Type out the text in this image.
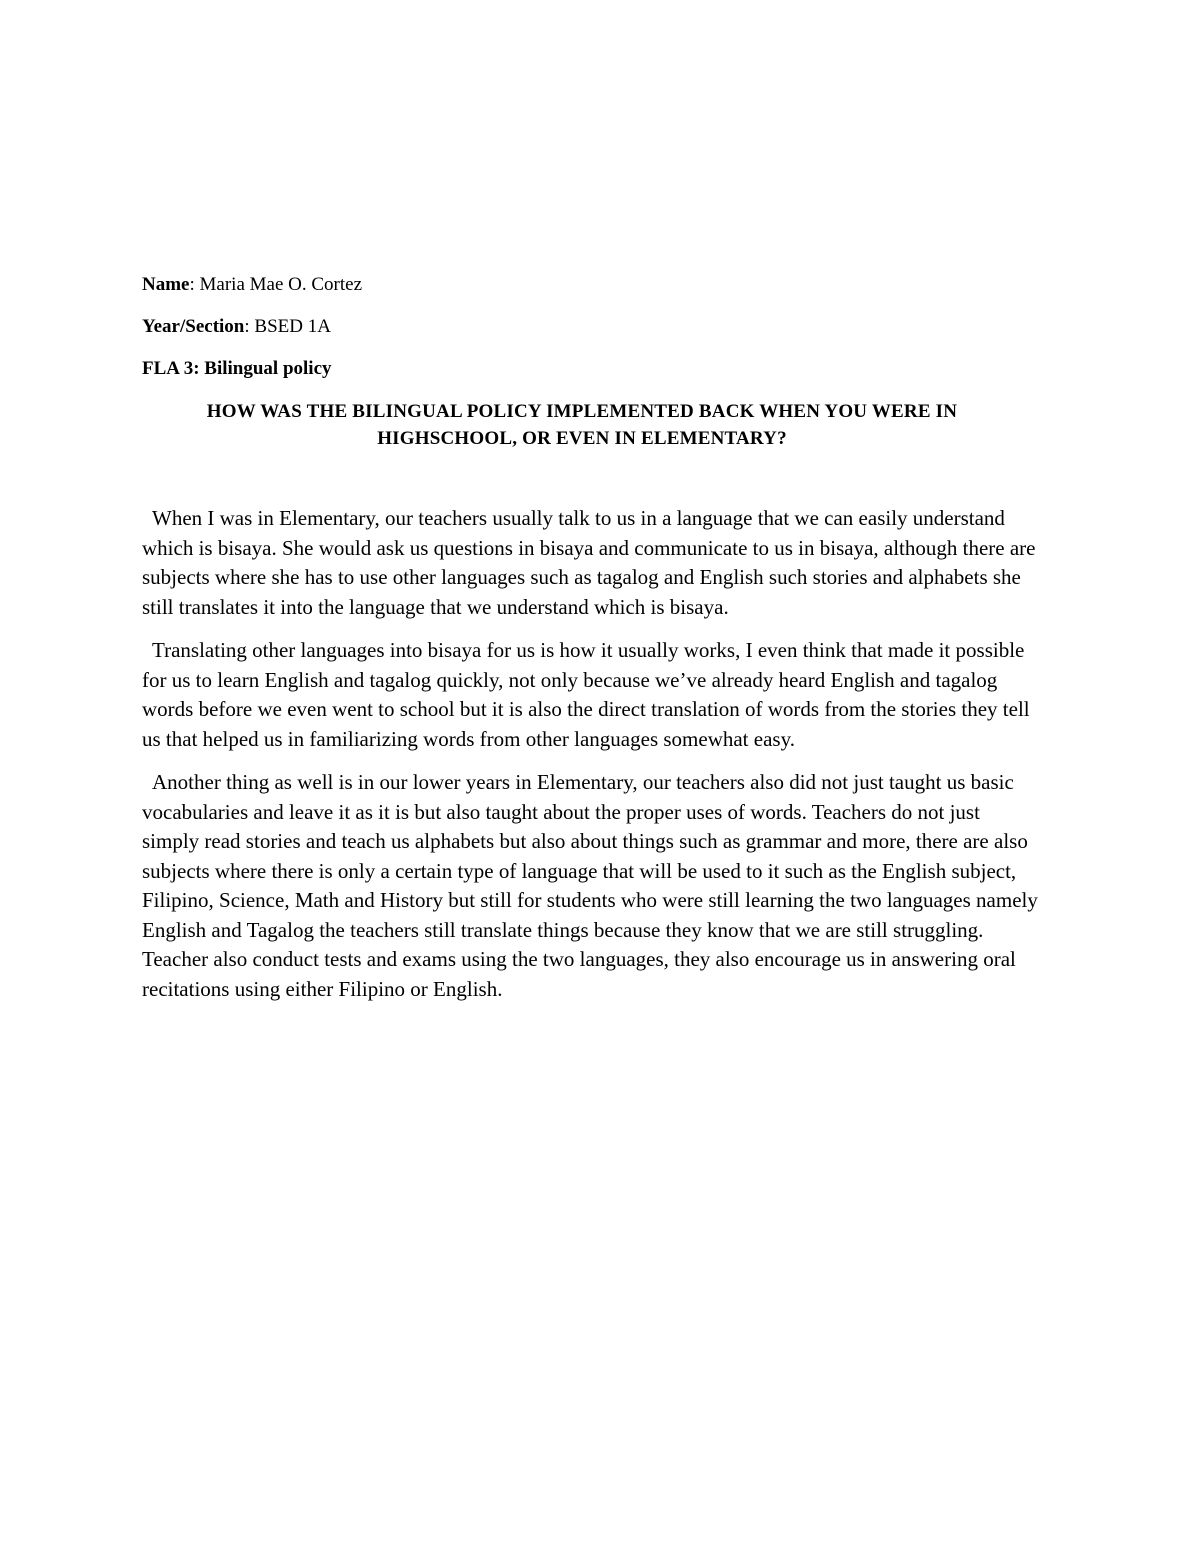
Name: Maria Mae O. Cortez

Year/Section: BSED 1A

FLA 3: Bilingual policy

HOW WAS THE BILINGUAL POLICY IMPLEMENTED BACK WHEN YOU WERE IN HIGHSCHOOL, OR EVEN IN ELEMENTARY?

When I was in Elementary, our teachers usually talk to us in a language that we can easily understand which is bisaya. She would ask us questions in bisaya and communicate to us in bisaya, although there are subjects where she has to use other languages such as tagalog and English such stories and alphabets she still translates it into the language that we understand which is bisaya.

Translating other languages into bisaya for us is how it usually works, I even think that made it possible for us to learn English and tagalog quickly, not only because we’ve already heard English and tagalog words before we even went to school but it is also the direct translation of words from the stories they tell us that helped us in familiarizing words from other languages somewhat easy.

Another thing as well is in our lower years in Elementary, our teachers also did not just taught us basic vocabularies and leave it as it is but also taught about the proper uses of words. Teachers do not just simply read stories and teach us alphabets but also about things such as grammar and more, there are also subjects where there is only a certain type of language that will be used to it such as the English subject, Filipino, Science, Math and History but still for students who were still learning the two languages namely English and Tagalog the teachers still translate things because they know that we are still struggling. Teacher also conduct tests and exams using the two languages, they also encourage us in answering oral recitations using either Filipino or English.
